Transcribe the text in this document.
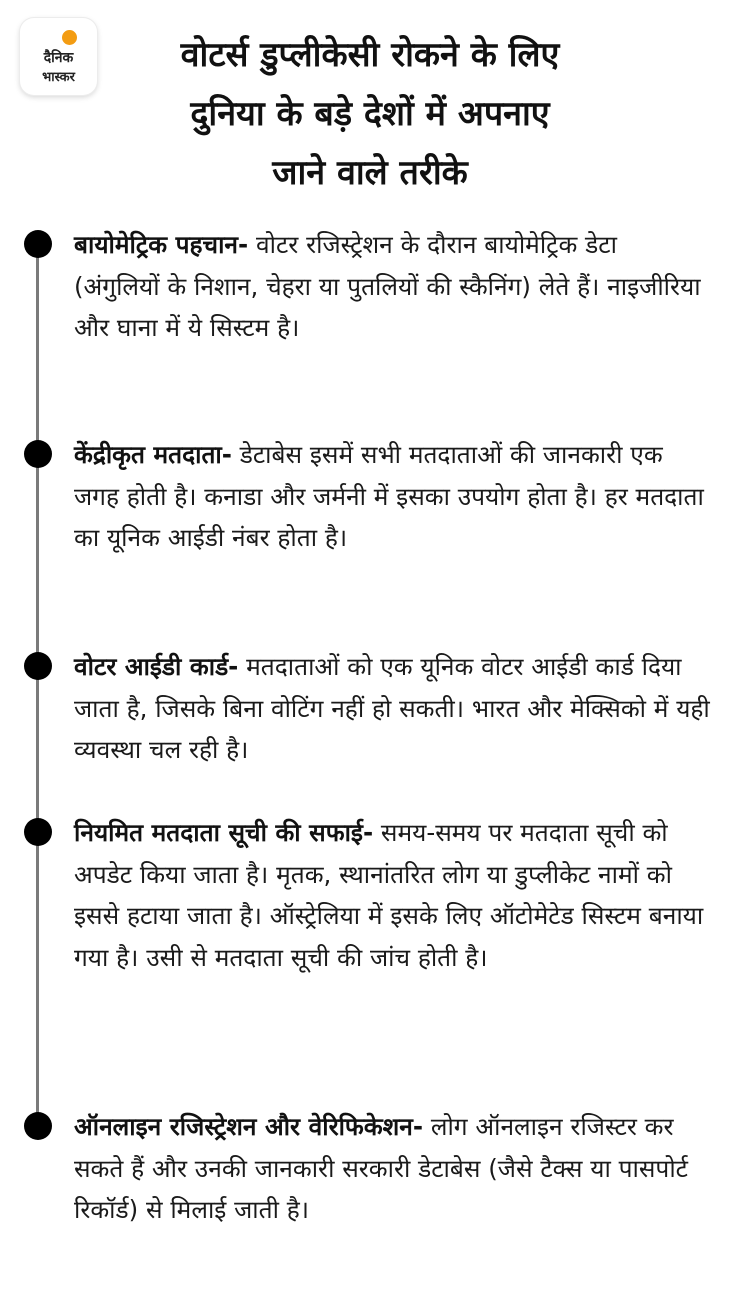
दैनिक
भास्कर
वोटर्स डुप्लीकेसी रोकने के लिए
दुनिया के बड़े देशों में अपनाए
जाने वाले तरीके

बायोमेट्रिक पहचान- वोटर रजिस्ट्रेशन के दौरान बायोमेट्रिक डेटा (अंगुलियों के निशान, चेहरा या पुतलियों की स्कैनिंग) लेते हैं। नाइजीरिया और घाना में ये सिस्टम है।

केंद्रीकृत मतदाता- डेटाबेस इसमें सभी मतदाताओं की जानकारी एक जगह होती है। कनाडा और जर्मनी में इसका उपयोग होता है। हर मतदाता का यूनिक आईडी नंबर होता है।

वोटर आईडी कार्ड- मतदाताओं को एक यूनिक वोटर आईडी कार्ड दिया जाता है, जिसके बिना वोटिंग नहीं हो सकती। भारत और मेक्सिको में यही व्यवस्था चल रही है।

नियमित मतदाता सूची की सफाई- समय-समय पर मतदाता सूची को अपडेट किया जाता है। मृतक, स्थानांतरित लोग या डुप्लीकेट नामों को इससे हटाया जाता है। ऑस्ट्रेलिया में इसके लिए ऑटोमेटेड सिस्टम बनाया गया है। उसी से मतदाता सूची की जांच होती है।

ऑनलाइन रजिस्ट्रेशन और वेरिफिकेशन- लोग ऑनलाइन रजिस्टर कर सकते हैं और उनकी जानकारी सरकारी डेटाबेस (जैसे टैक्स या पासपोर्ट रिकॉर्ड) से मिलाई जाती है।
